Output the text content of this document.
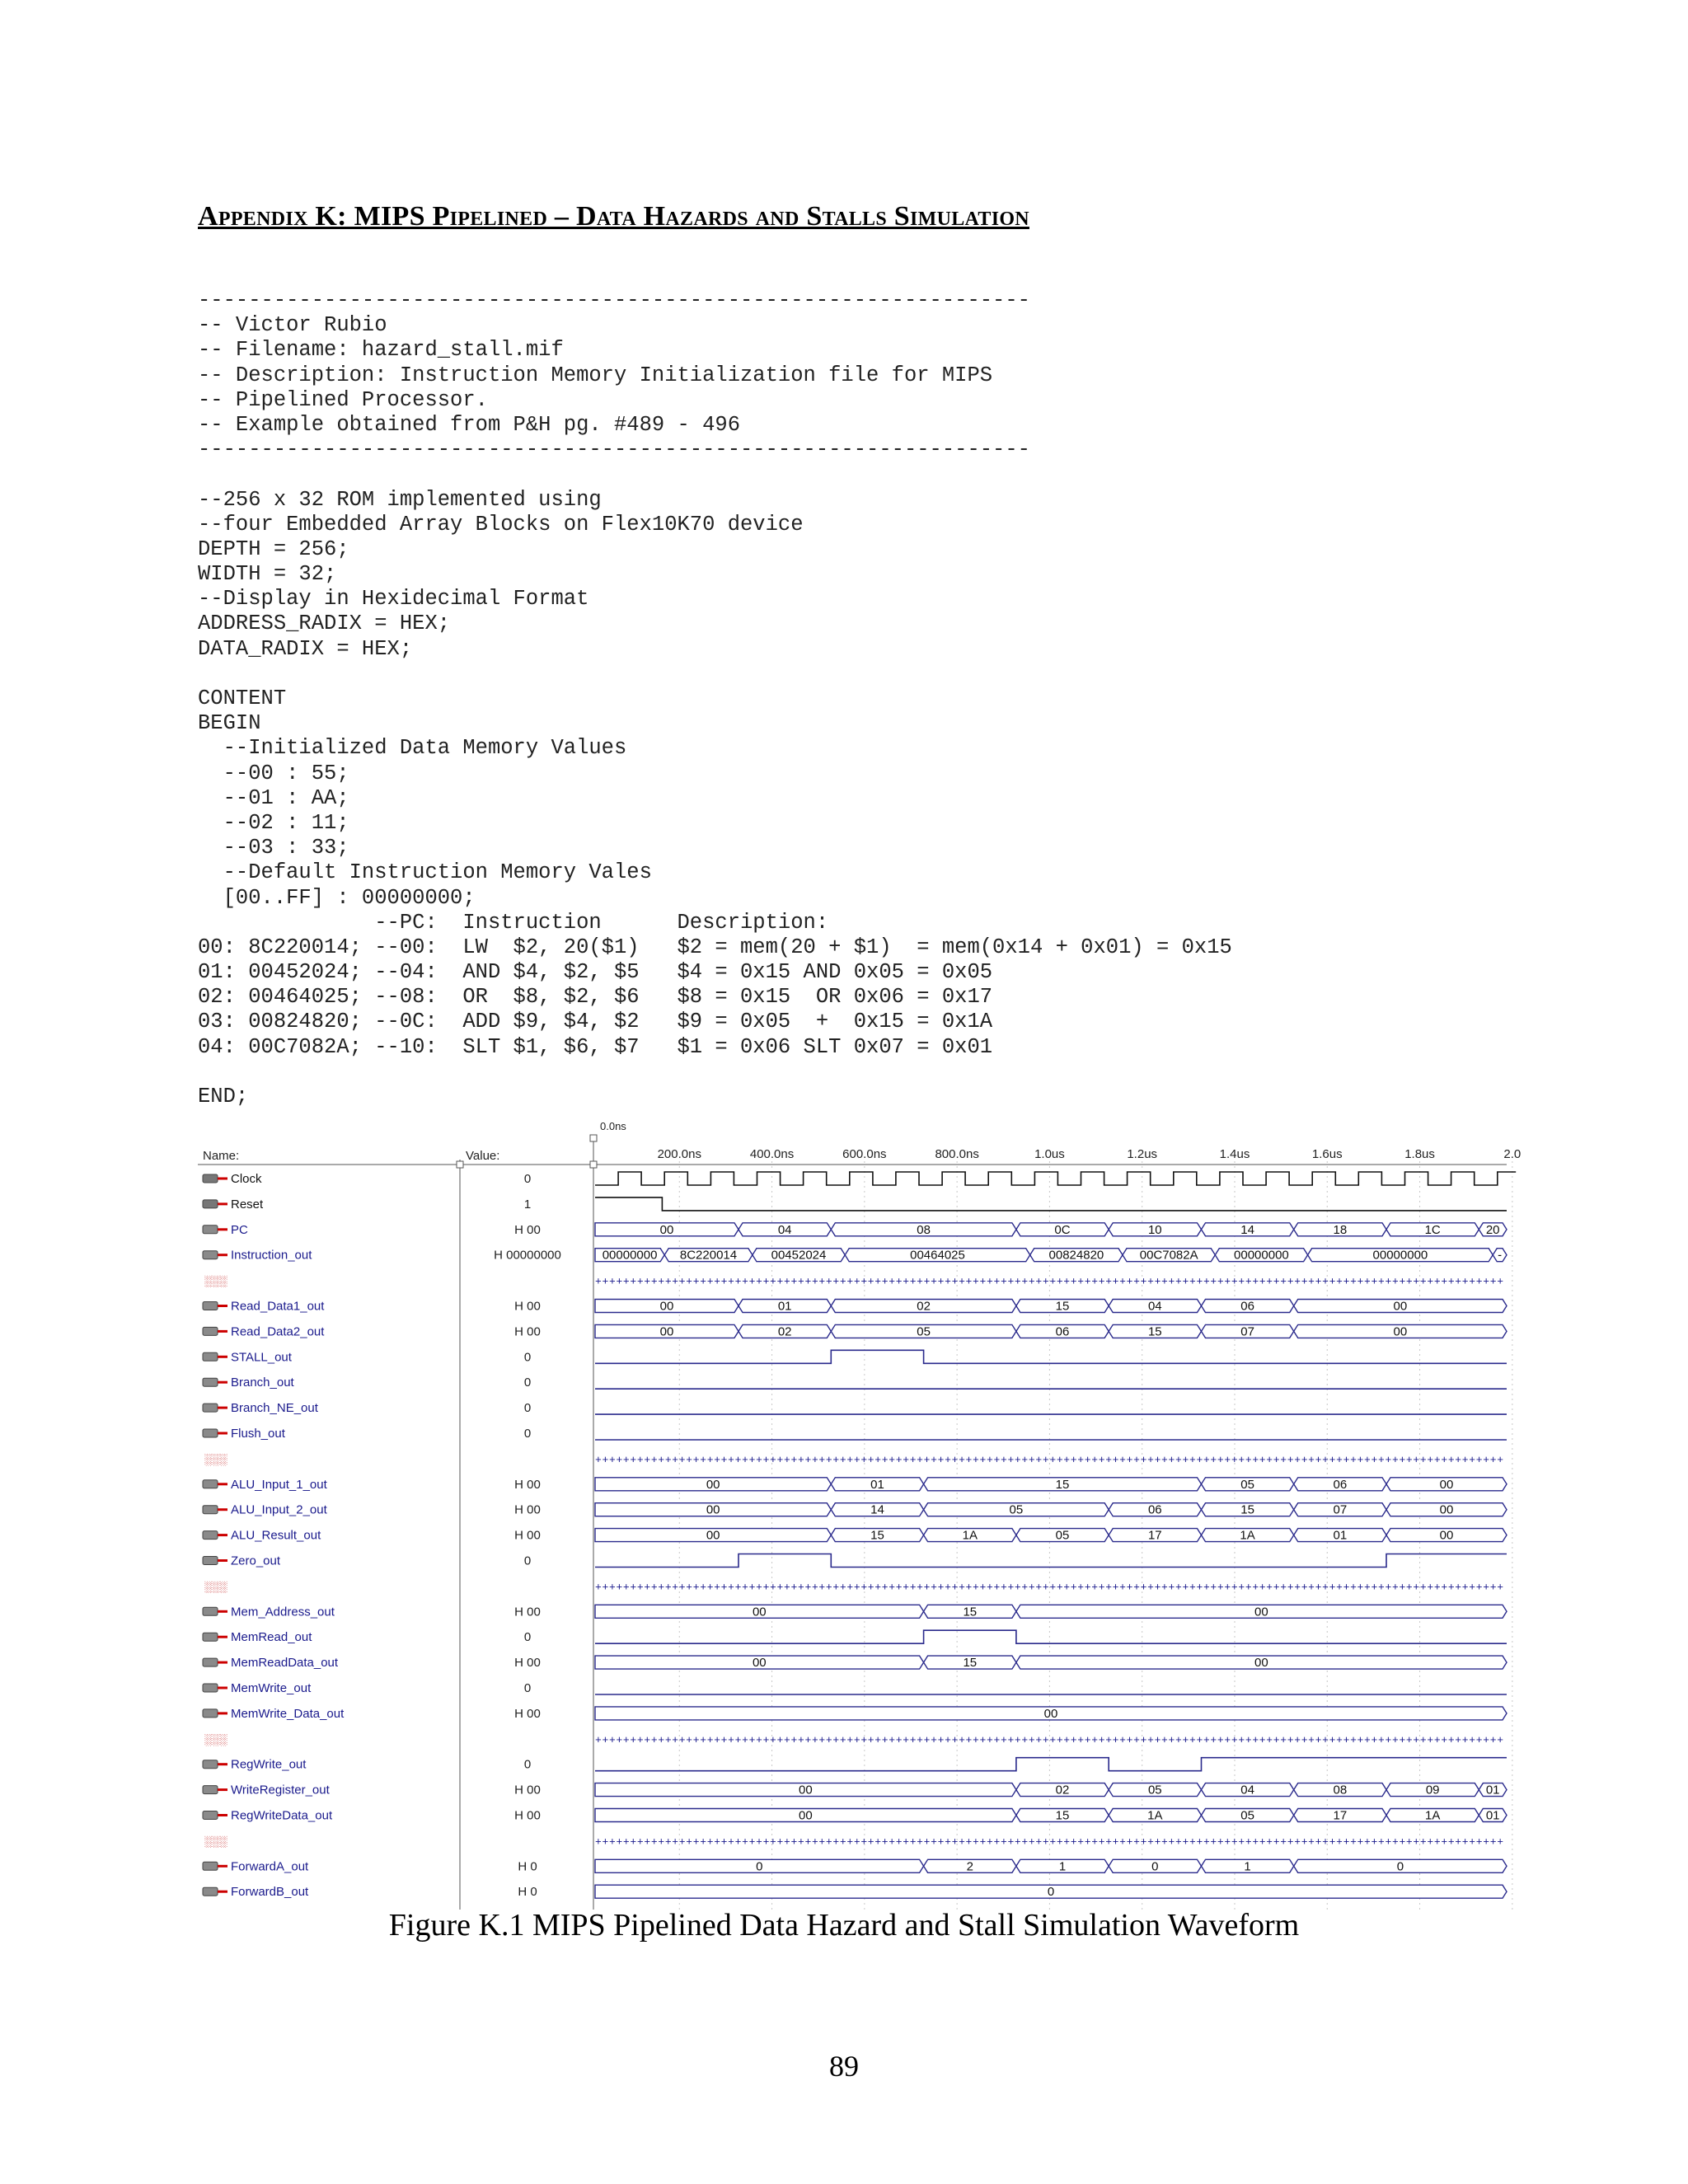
Appendix K: MIPS Pipelined – Data Hazards and Stalls Simulation
------------------------------------------------------------------
-- Victor Rubio
-- Filename: hazard_stall.mif
-- Description: Instruction Memory Initialization file for MIPS
-- Pipelined Processor.
-- Example obtained from P&H pg. #489 - 496
------------------------------------------------------------------

--256 x 32 ROM implemented using
--four Embedded Array Blocks on Flex10K70 device
DEPTH = 256;
WIDTH = 32;
--Display in Hexidecimal Format
ADDRESS_RADIX = HEX;
DATA_RADIX = HEX;

CONTENT
BEGIN
--Initialized Data Memory Values
--00 : 55;
--01 : AA;
--02 : 11;
--03 : 33;
--Default Instruction Memory Vales
[00..FF] : 00000000;
--PC:  Instruction      Description:
00: 8C220014; --00:  LW  $2, 20($1)   $2 = mem(20 + $1)  = mem(0x14 + 0x01) = 0x15
01: 00452024; --04:  AND $4, $2, $5   $4 = 0x15 AND 0x05 = 0x05
02: 00464025; --08:  OR  $8, $2, $6   $8 = 0x15  OR 0x06 = 0x17
03: 00824820; --0C:  ADD $9, $4, $2   $9 = 0x05  +  0x15 = 0x1A
04: 00C7082A; --10:  SLT $1, $6, $7   $1 = 0x06 SLT 0x07 = 0x01

END;
Name:	Value:
0.0ns
200.0ns	400.0ns	600.0ns	800.0ns	1.0us	1.2us	1.4us	1.6us	1.8us	2.0
Clock	0
Reset	1
PC	H 00	00	04	08	0C	10	14	18	1C	20
Instruction_out	H 00000000	00000000 8C220014	00452024	00464025	00824820	00C7082A	00000000	00000000	-
░░░	++++++++++++++++++++++++++++++++++++++++++++++++++++++++++++++++++++++++++++++++++++++++++++++++++++++++++++++++++++++++++++++++++
Read_Data1_out	H 00	00	01	02	15	04	06	00
Read_Data2_out	H 00	00	02	05	06	15	07	00
STALL_out	0
Branch_out	0
Branch_NE_out	0
Flush_out	0
░░░	++++++++++++++++++++++++++++++++++++++++++++++++++++++++++++++++++++++++++++++++++++++++++++++++++++++++++++++++++++++++++++++++++
ALU_Input_1_out	H 00	00	01	15	05	06	00
ALU_Input_2_out	H 00	00	14	05	06	15	07	00
ALU_Result_out	H 00	00	15	1A	05	17	1A	01	00
Zero_out	0
░░░	++++++++++++++++++++++++++++++++++++++++++++++++++++++++++++++++++++++++++++++++++++++++++++++++++++++++++++++++++++++++++++++++++
Mem_Address_out	H 00	00	15	00
MemRead_out	0
MemReadData_out	H 00	00	15	00
MemWrite_out	0
MemWrite_Data_out	H 00	00
░░░	++++++++++++++++++++++++++++++++++++++++++++++++++++++++++++++++++++++++++++++++++++++++++++++++++++++++++++++++++++++++++++++++++
RegWrite_out	0
WriteRegister_out	H 00	00	02	05	04	08	09	01
RegWriteData_out	H 00	00	15	1A	05	17	1A	01
░░░	++++++++++++++++++++++++++++++++++++++++++++++++++++++++++++++++++++++++++++++++++++++++++++++++++++++++++++++++++++++++++++++++++
ForwardA_out	H 0	0	2	1	0	1	0
ForwardB_out	H 0	0

Figure K.1 MIPS Pipelined Data Hazard and Stall Simulation Waveform

89
